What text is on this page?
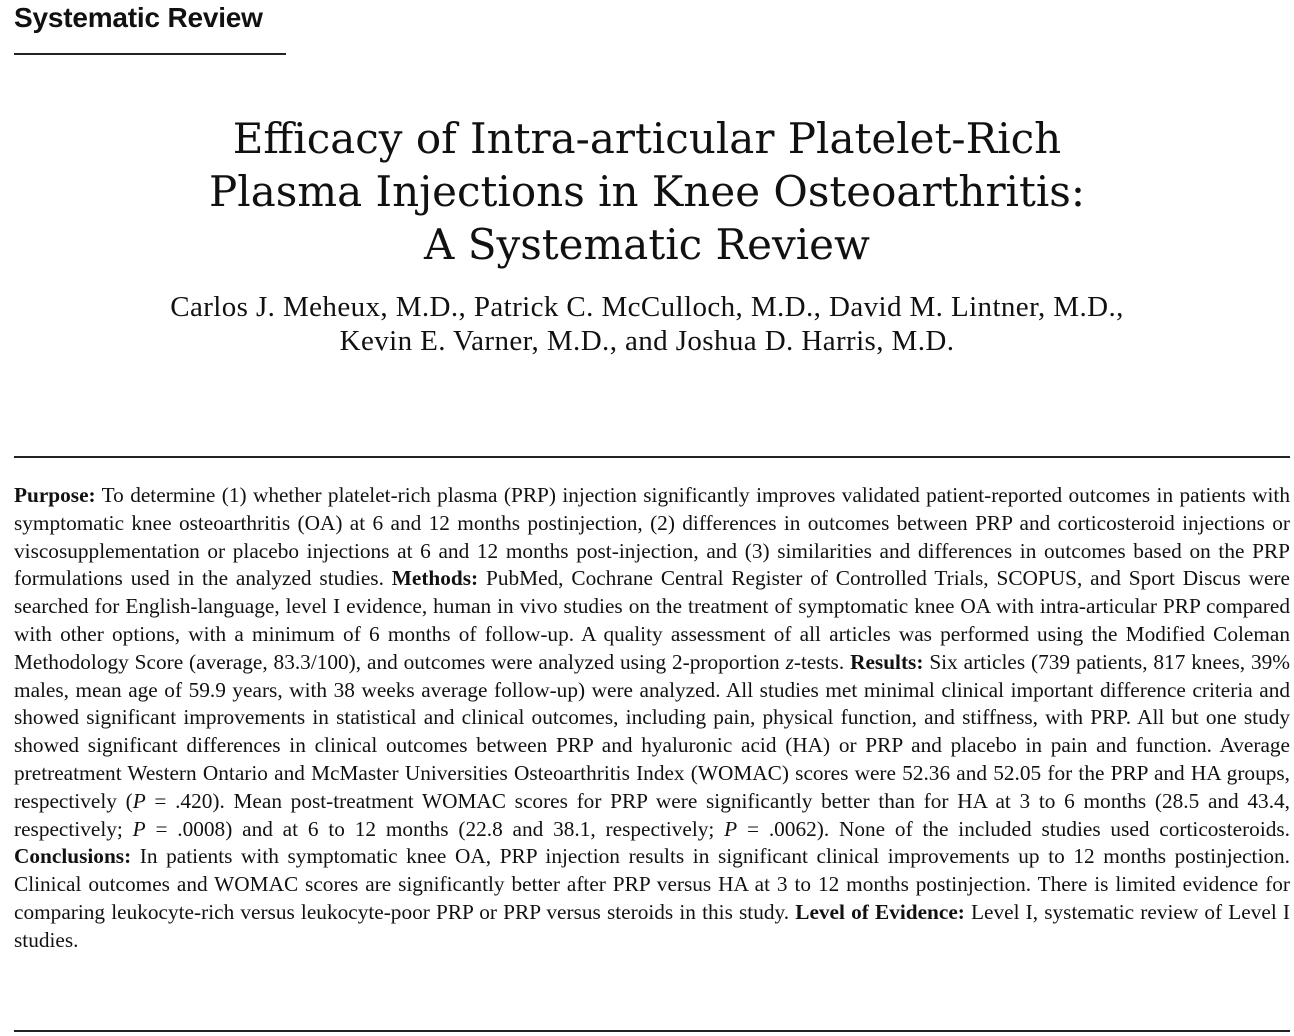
Systematic Review
Efficacy of Intra-articular Platelet-Rich
Plasma Injections in Knee Osteoarthritis:
A Systematic Review
Carlos J. Meheux, M.D., Patrick C. McCulloch, M.D., David M. Lintner, M.D.,
Kevin E. Varner, M.D., and Joshua D. Harris, M.D.
Purpose: To determine (1) whether platelet-rich plasma (PRP) injection significantly improves validated patient-reported outcomes in patients with symptomatic knee osteoarthritis (OA) at 6 and 12 months postinjection, (2) differences in outcomes between PRP and corticosteroid injections or viscosupplementation or placebo injections at 6 and 12 months post-injection, and (3) similarities and differences in outcomes based on the PRP formulations used in the analyzed studies. Methods: PubMed, Cochrane Central Register of Controlled Trials, SCOPUS, and Sport Discus were searched for English-language, level I evidence, human in vivo studies on the treatment of symptomatic knee OA with intra-articular PRP compared with other options, with a minimum of 6 months of follow-up. A quality assessment of all articles was performed using the Modified Coleman Methodology Score (average, 83.3/100), and outcomes were analyzed using 2-proportion z-tests. Results: Six articles (739 patients, 817 knees, 39% males, mean age of 59.9 years, with 38 weeks average follow-up) were analyzed. All studies met minimal clinical important difference criteria and showed significant improvements in statistical and clinical outcomes, including pain, physical function, and stiffness, with PRP. All but one study showed significant differences in clinical outcomes between PRP and hyaluronic acid (HA) or PRP and placebo in pain and function. Average pretreatment Western Ontario and McMaster Universities Osteoarthritis Index (WOMAC) scores were 52.36 and 52.05 for the PRP and HA groups, respectively (P = .420). Mean post-treatment WOMAC scores for PRP were significantly better than for HA at 3 to 6 months (28.5 and 43.4, respectively; P = .0008) and at 6 to 12 months (22.8 and 38.1, respectively; P = .0062). None of the included studies used corticosteroids. Conclusions: In patients with symptomatic knee OA, PRP injection results in significant clinical improvements up to 12 months postinjection. Clinical outcomes and WOMAC scores are significantly better after PRP versus HA at 3 to 12 months postinjection. There is limited evidence for comparing leukocyte-rich versus leukocyte-poor PRP or PRP versus steroids in this study. Level of Evidence: Level I, systematic review of Level I studies.
